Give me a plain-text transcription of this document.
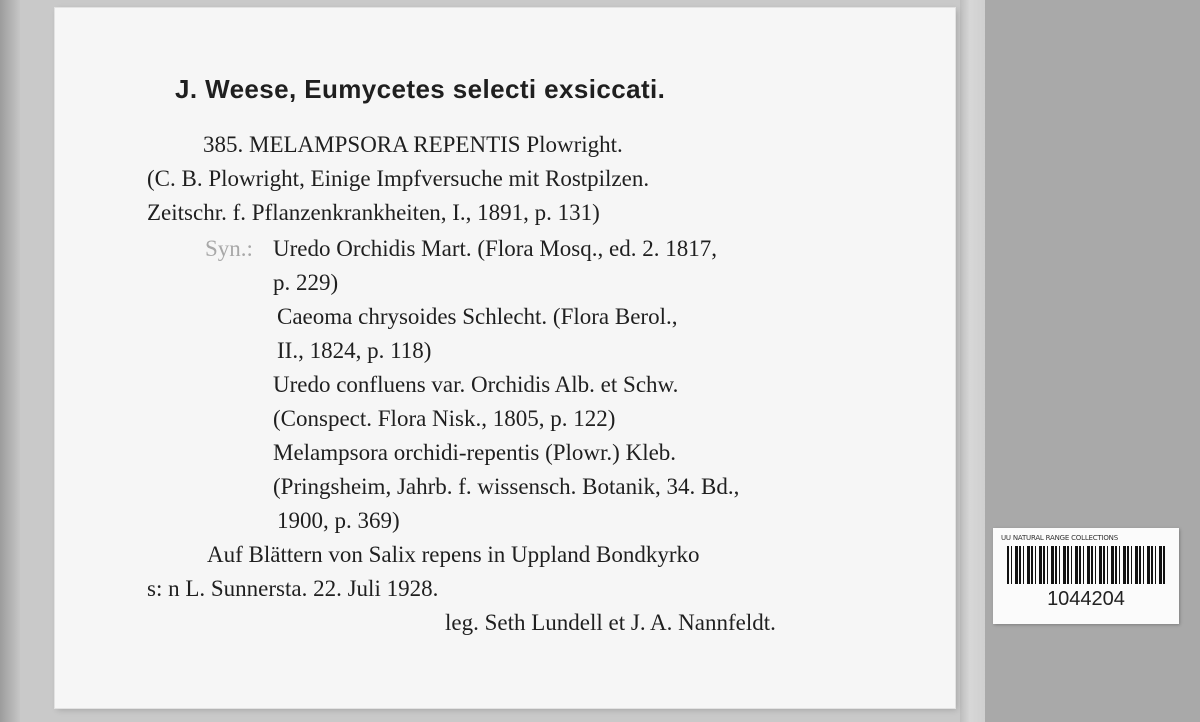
J. Weese, Eumycetes selecti exsiccati.
385. MELAMPSORA REPENTIS Plowright.
(C. B. Plowright, Einige Impfversuche mit Rostpilzen.
Zeitschr. f. Pflanzenkrankheiten, I., 1891, p. 131)
Syn.: Uredo Orchidis Mart. (Flora Mosq., ed. 2. 1817,
p. 229)
Caeoma chrysoides Schlecht. (Flora Berol.,
II., 1824, p. 118)
Uredo confluens var. Orchidis Alb. et Schw.
(Conspect. Flora Nisk., 1805, p. 122)
Melampsora orchidi-repentis (Plowr.) Kleb.
(Pringsheim, Jahrb. f. wissensch. Botanik, 34. Bd.,
1900, p. 369)
Auf Blättern von Salix repens in Uppland Bondkyrko
s: n L. Sunnersta. 22. Juli 1928.
leg. Seth Lundell et J. A. Nannfeldt.
UU NATURAL RANGE COLLECTIONS
1044204
